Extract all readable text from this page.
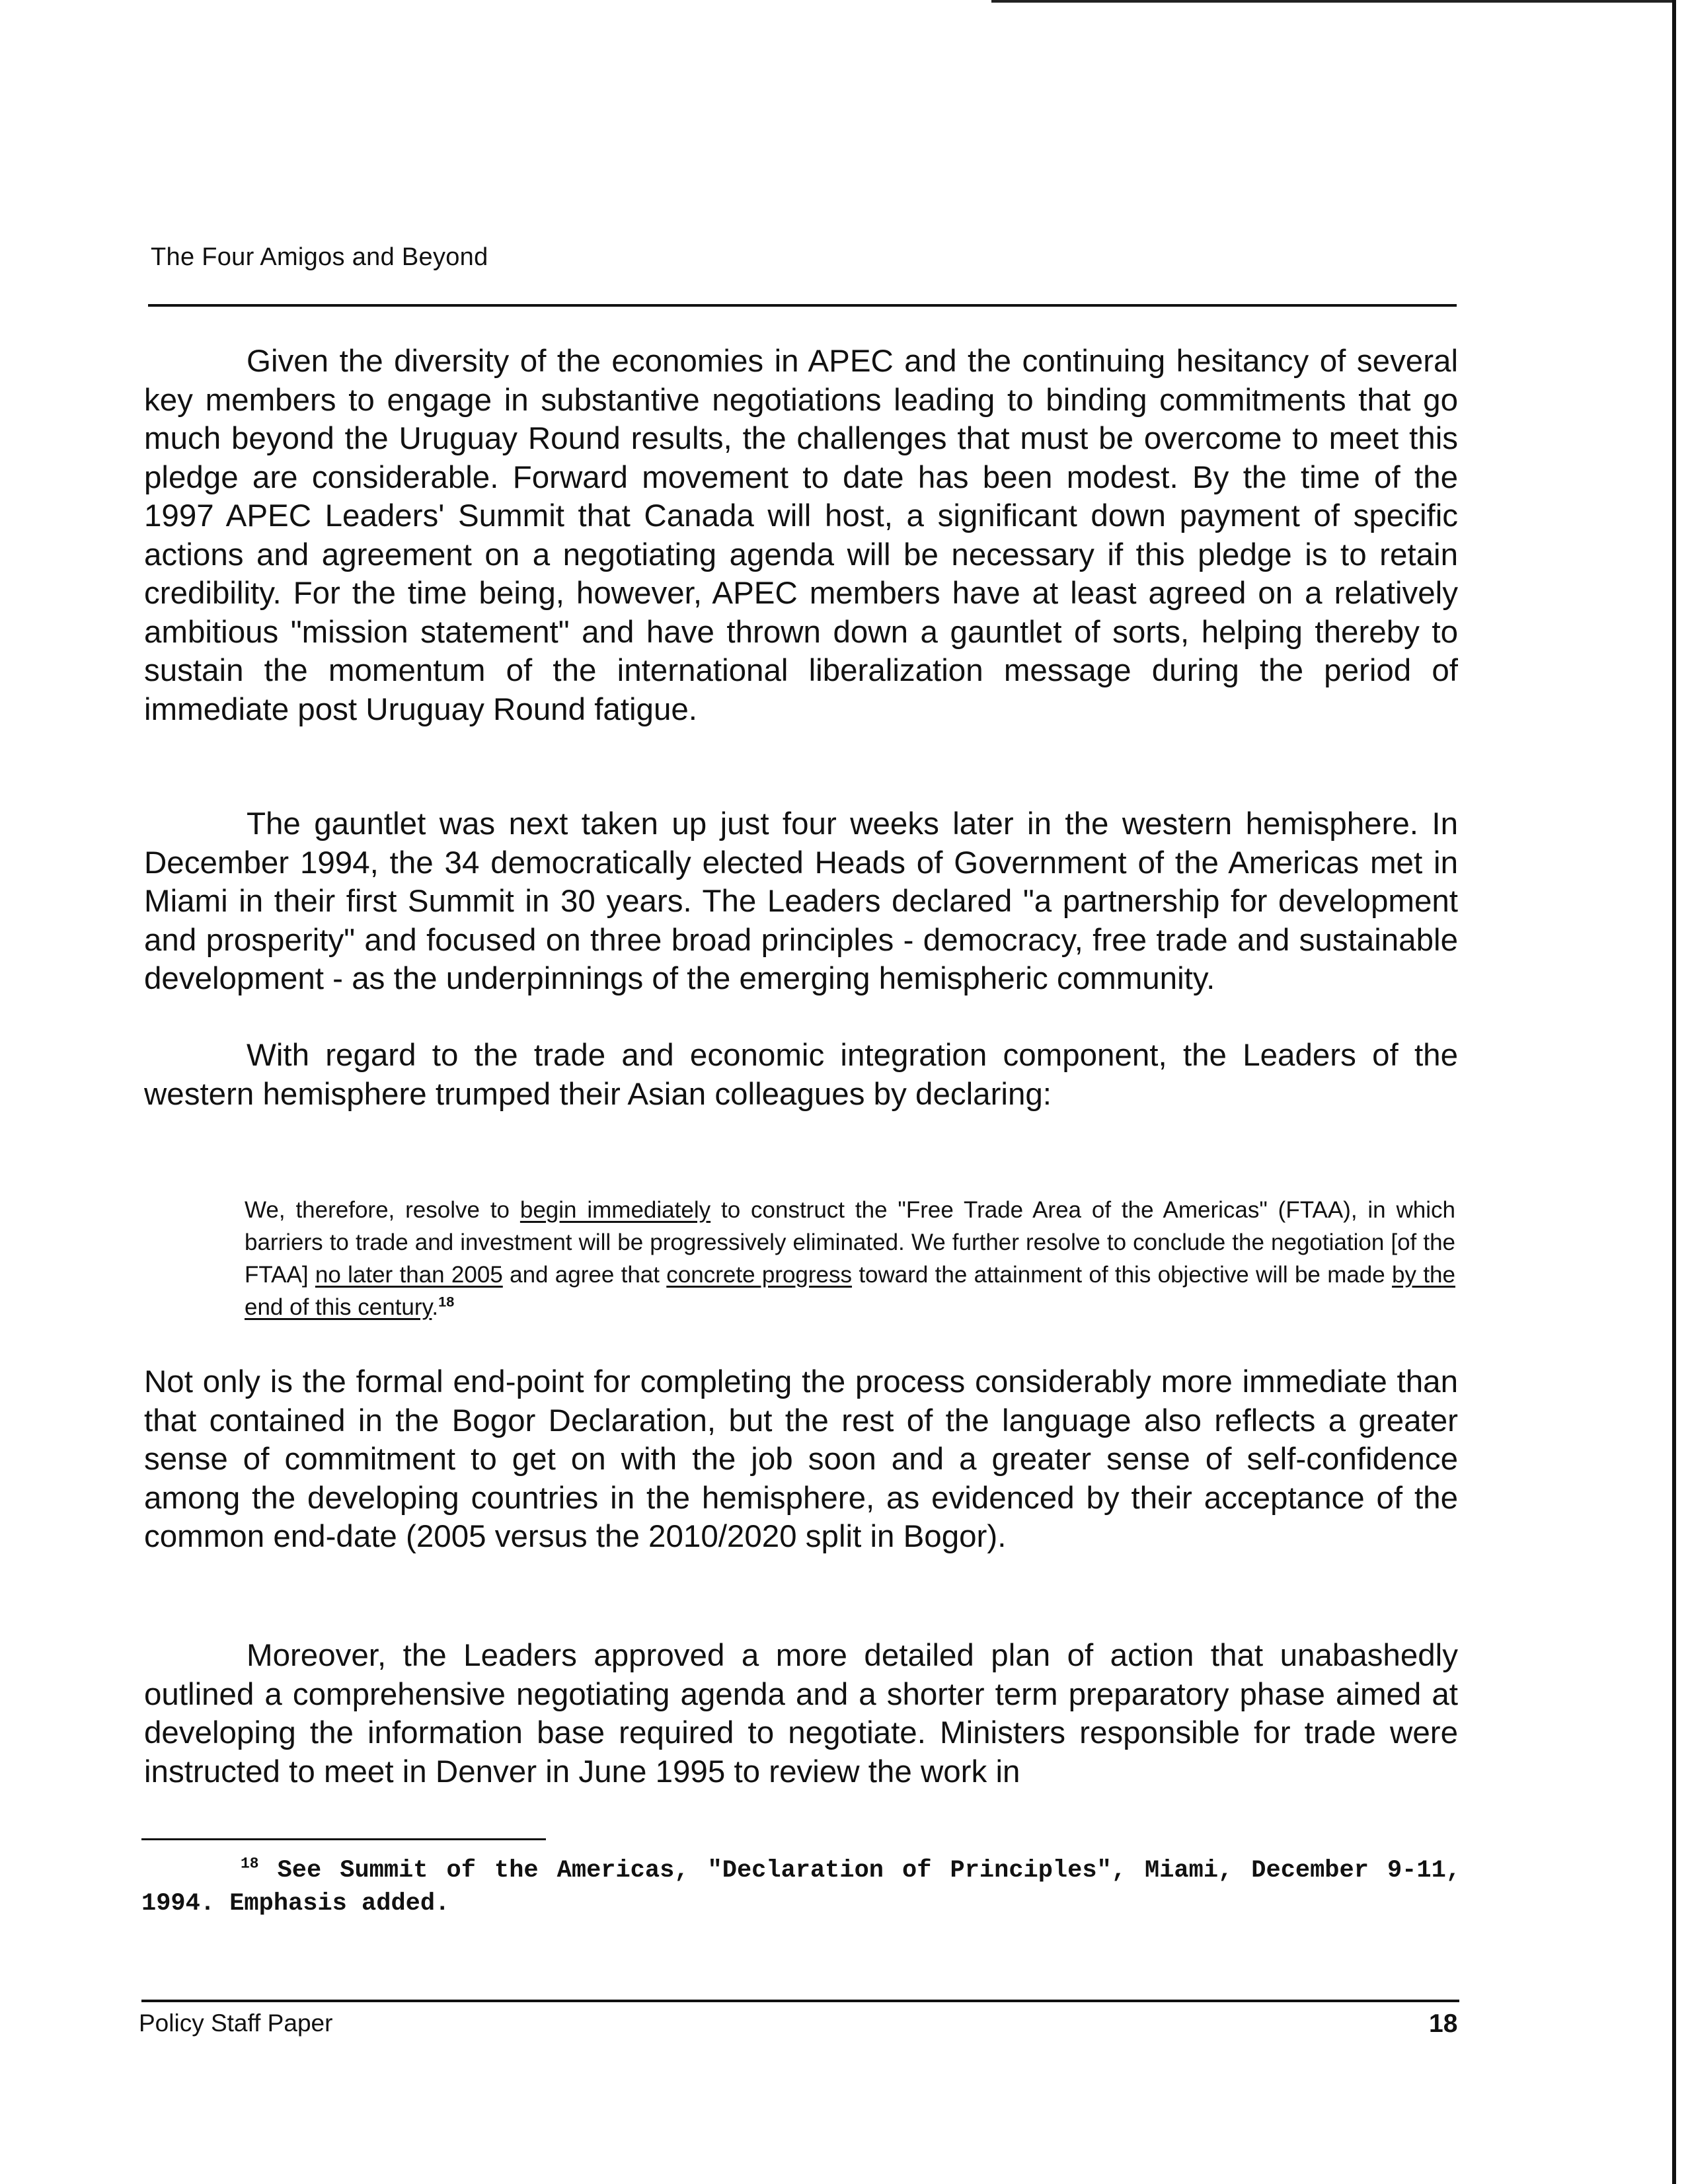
The Four Amigos and Beyond

Given the diversity of the economies in APEC and the continuing hesitancy of several key members to engage in substantive negotiations leading to binding commitments that go much beyond the Uruguay Round results, the challenges that must be overcome to meet this pledge are considerable. Forward movement to date has been modest. By the time of the 1997 APEC Leaders' Summit that Canada will host, a significant down payment of specific actions and agreement on a negotiating agenda will be necessary if this pledge is to retain credibility. For the time being, however, APEC members have at least agreed on a relatively ambitious "mission statement" and have thrown down a gauntlet of sorts, helping thereby to sustain the momentum of the international liberalization message during the period of immediate post Uruguay Round fatigue.

The gauntlet was next taken up just four weeks later in the western hemisphere. In December 1994, the 34 democratically elected Heads of Government of the Americas met in Miami in their first Summit in 30 years. The Leaders declared "a partnership for development and prosperity" and focused on three broad principles - democracy, free trade and sustainable development - as the underpinnings of the emerging hemispheric community.

With regard to the trade and economic integration component, the Leaders of the western hemisphere trumped their Asian colleagues by declaring:

We, therefore, resolve to begin immediately to construct the "Free Trade Area of the Americas" (FTAA), in which barriers to trade and investment will be progressively eliminated. We further resolve to conclude the negotiation [of the FTAA] no later than 2005 and agree that concrete progress toward the attainment of this objective will be made by the end of this century.$^{18}$

Not only is the formal end-point for completing the process considerably more immediate than that contained in the Bogor Declaration, but the rest of the language also reflects a greater sense of commitment to get on with the job soon and a greater sense of self-confidence among the developing countries in the hemisphere, as evidenced by their acceptance of the common end-date (2005 versus the 2010/2020 split in Bogor).

Moreover, the Leaders approved a more detailed plan of action that unabashedly outlined a comprehensive negotiating agenda and a shorter term preparatory phase aimed at developing the information base required to negotiate. Ministers responsible for trade were instructed to meet in Denver in June 1995 to review the work in

$^{18}$ See Summit of the Americas, "Declaration of Principles", Miami, December 9-11, 1994. Emphasis added.

Policy Staff Paper	18
